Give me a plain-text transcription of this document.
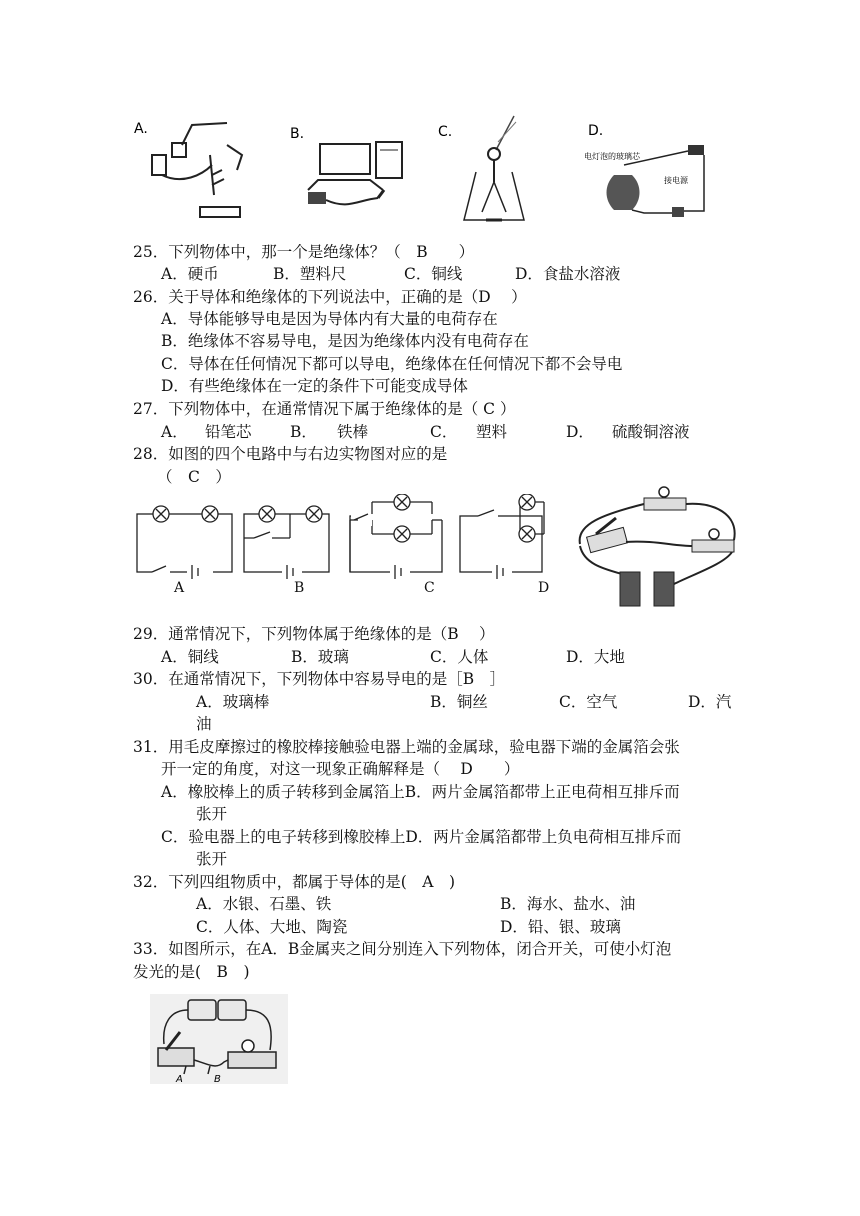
A.	B.	C.	D.
电灯泡的玻璃芯
接电源
25．下列物体中，那一个是绝缘体？（　B　　）
A．硬币	B．塑料尺	C．铜线	D．食盐水溶液
26．关于导体和绝缘体的下列说法中，正确的是（D　 ）
A．导体能够导电是因为导体内有大量的电荷存在
B．绝缘体不容易导电，是因为绝缘体内没有电荷存在
C．导体在任何情况下都可以导电，绝缘体在任何情况下都不会导电
D．有些绝缘体在一定的条件下可能变成导体
27．下列物体中，在通常情况下属于绝缘体的是（ C ）
A． 铅笔芯 B． 铁棒	C． 塑料	D． 硫酸铜溶液
28．如图的四个电路中与右边实物图对应的是
（　C　）
A	B	C	D
29．通常情况下，下列物体属于绝缘体的是（B　 ）
A．铜线	B．玻璃	C．人体	D．大地
30．在通常情况下，下列物体中容易导电的是［B　］
A．玻璃棒	B．铜丝	C．空气	D．汽
油
31．用毛皮摩擦过的橡胶棒接触验电器上端的金属球，验电器下端的金属箔会张
开一定的角度，对这一现象正确解释是（　 D　　）
A．橡胶棒上的质子转移到金属箔上B．两片金属箔都带上正电荷相互排斥而
张开
C．验电器上的电子转移到橡胶棒上D．两片金属箔都带上负电荷相互排斥而
张开
32．下列四组物质中，都属于导体的是(　A　)
A．水银、石墨、铁	B．海水、盐水、油
C．人体、大地、陶瓷	D．铅、银、玻璃
33．如图所示，在A．B金属夹之间分别连入下列物体，闭合开关，可使小灯泡
发光的是(　B　)
A	B
